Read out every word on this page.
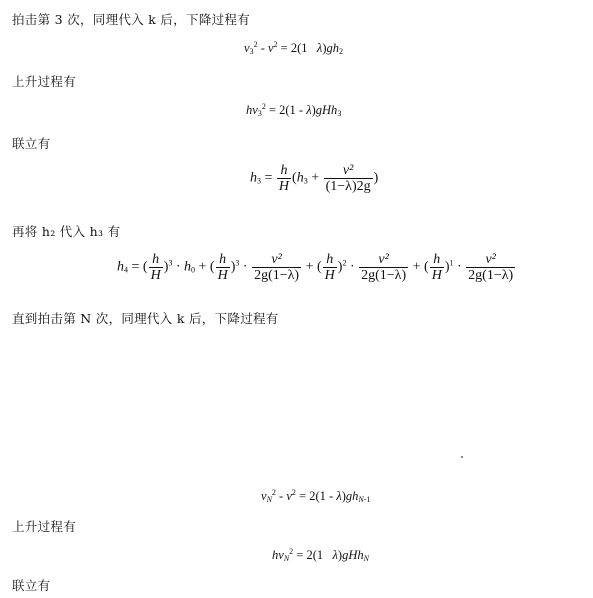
拍击第 3 次，同理代入 k 后，下降过程有
$v_3^2 - v^2 = 2(1$   $\lambda)gh_2$
上升过程有
$hv_3^2 = 2(1 - \lambda)gHh_3$
联立有
$h_3 = \frac{h}{H} (h_3 + \frac{\text{v²}}{(1-\lambda)2g}$ )
再将 h₂ 代入 h₃ 有
$h_4$ = ( $\frac{h}{H} )^3 \cdot h_0$ + ( $\frac{h}{H} )^3 \cdot \frac{\text{v²}}{2g(1-\lambda)}$ + ( $\frac{h}{H} )^2 \cdot \frac{\text{v²}}{2g(1-\lambda)}$ + ( $\frac{h}{H} )^1 \cdot \frac{\text{v²}}{2g(1-\lambda)}$
直到拍击第 N 次，同理代入 k 后，下降过程有
$v_N^2 - v^2 = 2(1 - \lambda)gh_{N-1}$
上升过程有
$hv_N^2 = 2(1$   λ)gHh$_N$
联立有
